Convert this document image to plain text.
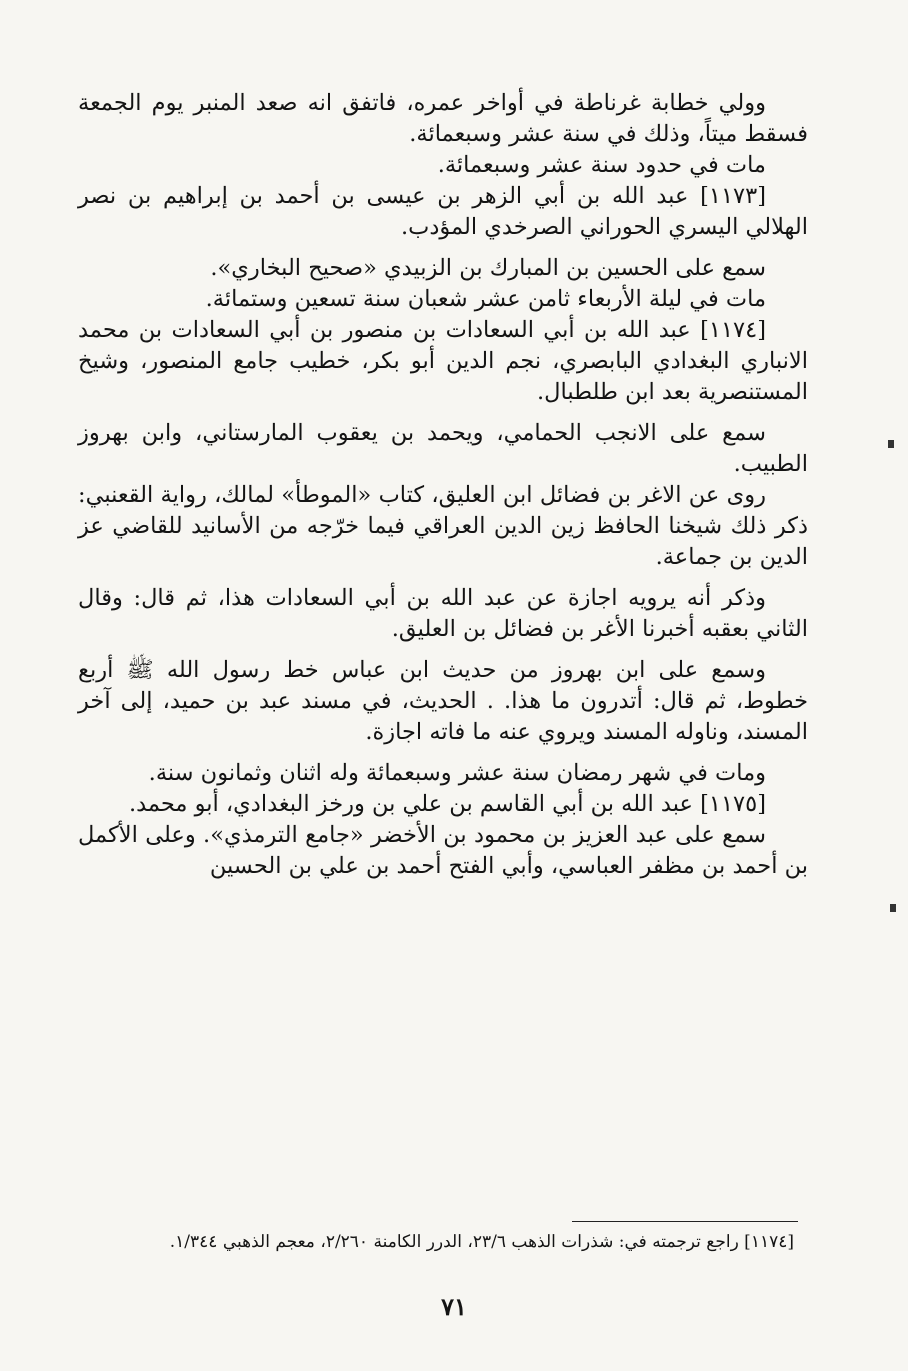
وولي خطابة غرناطة في أواخر عمره، فاتفق انه صعد المنبر يوم الجمعة فسقط ميتاً، وذلك في سنة عشر وسبعمائة.

مات في حدود سنة عشر وسبعمائة.

[١١٧٣] عبد الله بن أبي الزهر بن عيسى بن أحمد بن إبراهيم بن نصر الهلالي اليسري الحوراني الصرخدي المؤدب.

سمع على الحسين بن المبارك بن الزبيدي «صحيح البخاري».

مات في ليلة الأربعاء ثامن عشر شعبان سنة تسعين وستمائة.

[١١٧٤] عبد الله بن أبي السعادات بن منصور بن أبي السعادات بن محمد الانباري البغدادي البابصري، نجم الدين أبو بكر، خطيب جامع المنصور، وشيخ المستنصرية بعد ابن طلطبال.

سمع على الانجب الحمامي، ويحمد بن يعقوب المارستاني، وابن بهروز الطبيب.

روى عن الاغر بن فضائل ابن العليق، كتاب «الموطأ» لمالك، رواية القعنبي: ذكر ذلك شيخنا الحافظ زين الدين العراقي فيما خرّجه من الأسانيد للقاضي عز الدين بن جماعة.

وذكر أنه يرويه اجازة عن عبد الله بن أبي السعادات هذا، ثم قال: وقال الثاني بعقبه أخبرنا الأغر بن فضائل بن العليق.

وسمع على ابن بهروز من حديث ابن عباس خط رسول الله ﷺ أربع خطوط، ثم قال: أتدرون ما هذا. . الحديث، في مسند عبد بن حميد، إلى آخر المسند، وناوله المسند ويروي عنه ما فاته اجازة.

ومات في شهر رمضان سنة عشر وسبعمائة وله اثنان وثمانون سنة.

[١١٧٥] عبد الله بن أبي القاسم بن علي بن ورخز البغدادي، أبو محمد.

سمع على عبد العزيز بن محمود بن الأخضر «جامع الترمذي». وعلى الأكمل بن أحمد بن مظفر العباسي، وأبي الفتح أحمد بن علي بن الحسين

[١١٧٤] راجع ترجمته في: شذرات الذهب ٢٣/٦، الدرر الكامنة ٢/٢٦٠، معجم الذهبي ١/٣٤٤.
٧١
